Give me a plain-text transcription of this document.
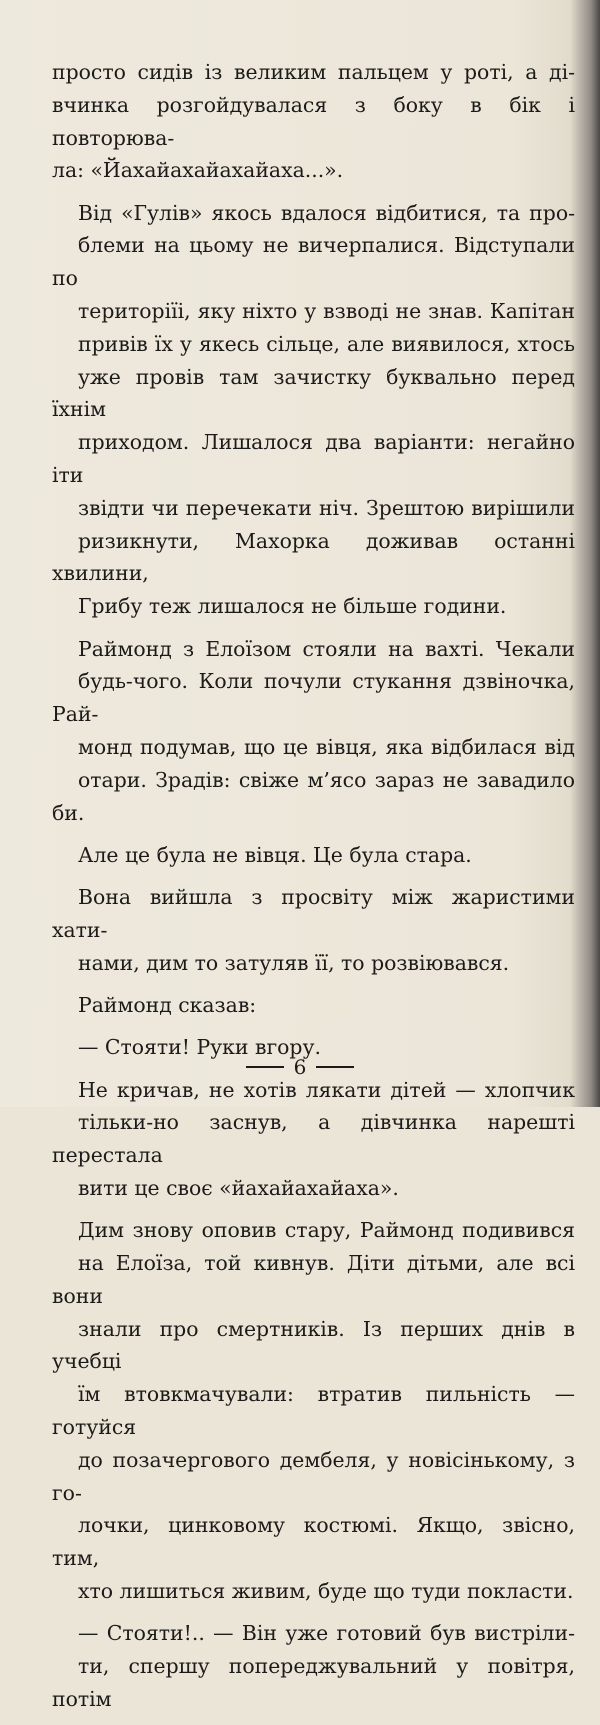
просто сидів із великим пальцем у роті, а ді-
вчинка розгойдувалася з боку в бік і повторюва-
ла: «Йахайахайахайаха...».
Від «Гулів» якось вдалося відбитися, та про-
блеми на цьому не вичерпалися. Відступали по
територіїі, яку ніхто у взводі не знав. Капітан
привів їх у якесь сільце, але виявилося, хтось
уже провів там зачистку буквально перед їхнім
приходом. Лишалося два варіанти: негайно іти
звідти чи перечекати ніч. Зрештою вирішили
ризикнути, Махорка доживав останні хвилини,
Грибу теж лишалося не більше години.
Раймонд з Елоїзом стояли на вахті. Чекали
будь-чого. Коли почули стукання дзвіночка, Рай-
монд подумав, що це вівця, яка відбилася від
отари. Зрадів: свіже м’ясо зараз не завадило би.
Але це була не вівця. Це була стара.
Вона вийшла з просвіту між жаристими хати-
нами, дим то затуляв її, то розвіювався.
Раймонд сказав:
— Стояти! Руки вгору.
Не кричав, не хотів лякати дітей — хлопчик
тільки-но заснув, а дівчинка нарешті перестала
вити це своє «йахайахайаха».
Дим знову оповив стару, Раймонд подивився
на Елоїза, той кивнув. Діти дітьми, але всі вони
знали про смертників. Із перших днів в учебці
їм втовкмачували: втратив пильність — готуйся
до позачергового дембеля, у новісінькому, з го-
лочки, цинковому костюмі. Якщо, звісно, тим,
хто лишиться живим, буде що туди покласти.
— Стояти!.. — Він уже готовий був вистріли-
ти, спершу попереджувальний у повітря, потім
6
